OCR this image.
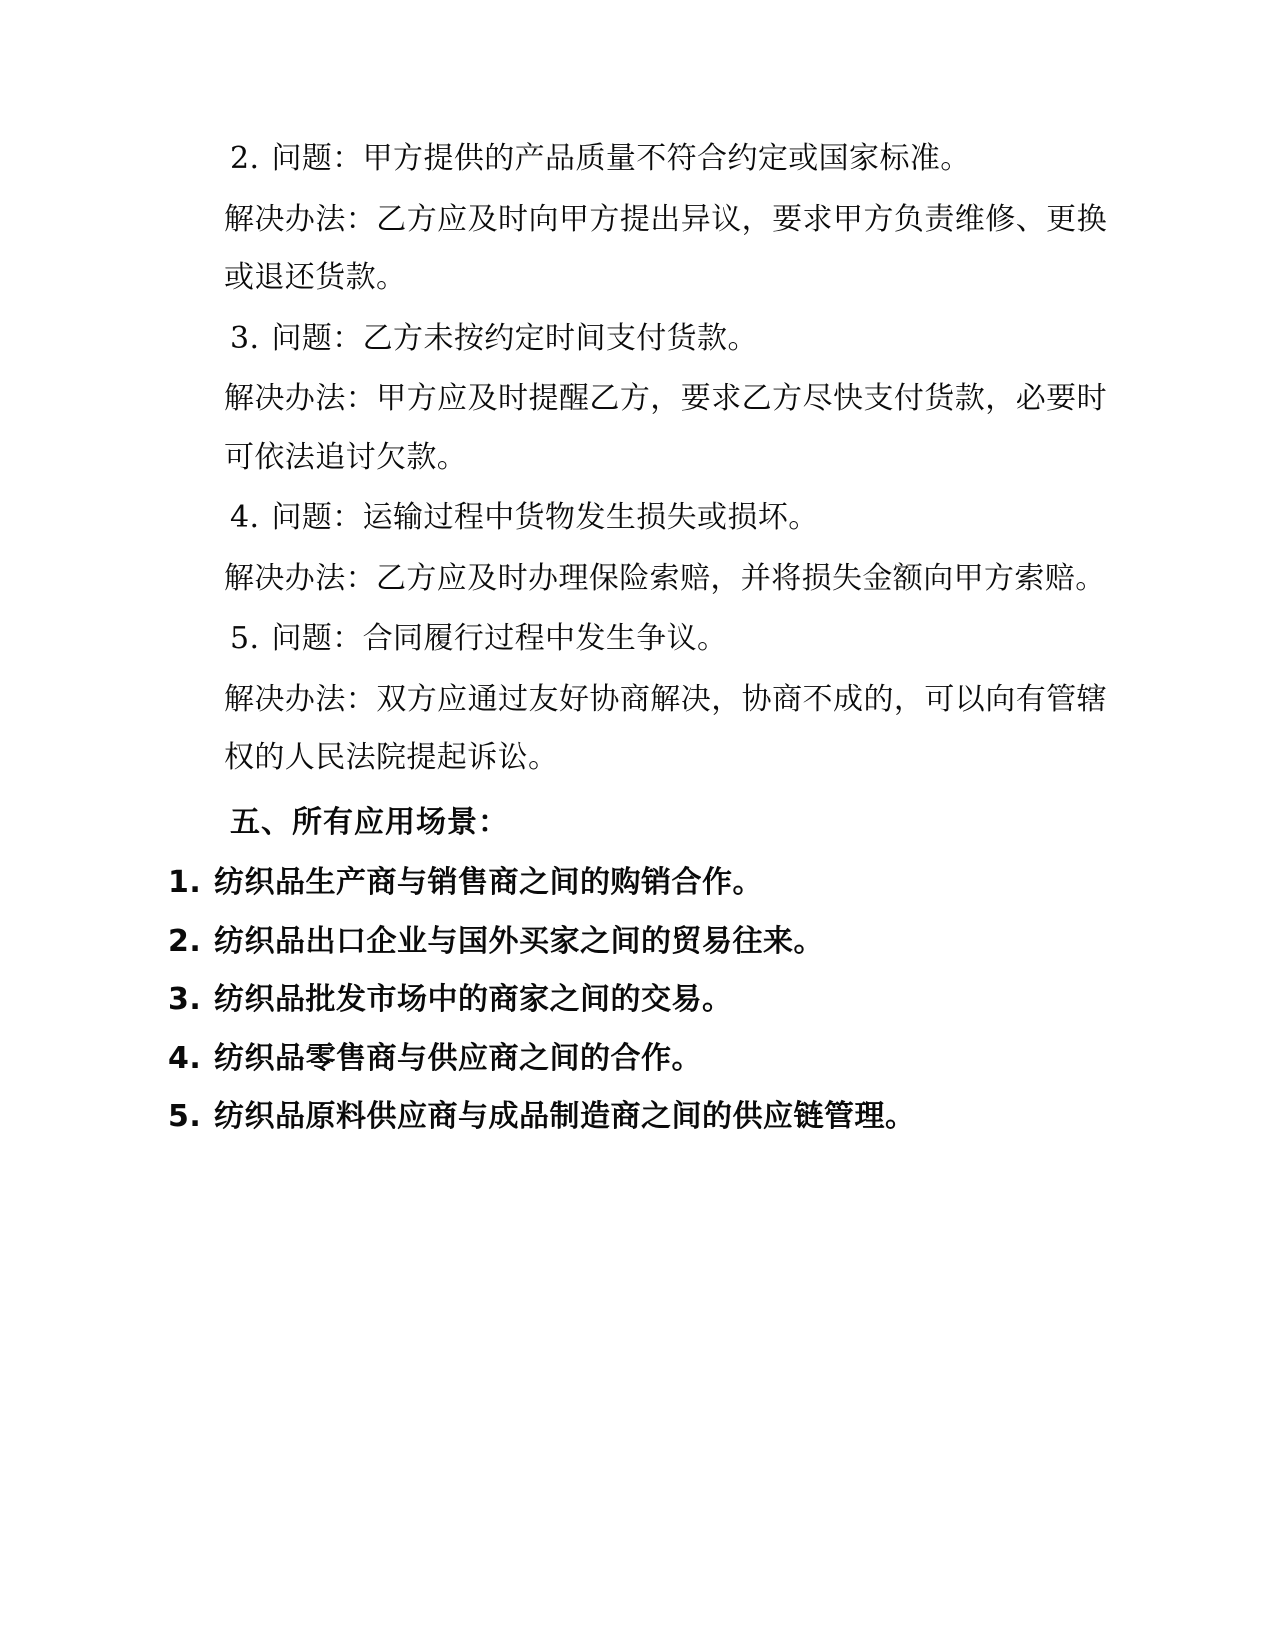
2. 问题：甲方提供的产品质量不符合约定或国家标准。

解决办法：乙方应及时向甲方提出异议，要求甲方负责维修、更换或退还货款。

3. 问题：乙方未按约定时间支付货款。

解决办法：甲方应及时提醒乙方，要求乙方尽快支付货款，必要时可依法追讨欠款。

4. 问题：运输过程中货物发生损失或损坏。

解决办法：乙方应及时办理保险索赔，并将损失金额向甲方索赔。

5. 问题：合同履行过程中发生争议。

解决办法：双方应通过友好协商解决，协商不成的，可以向有管辖权的人民法院提起诉讼。

五、所有应用场景：

1. 纺织品生产商与销售商之间的购销合作。
2. 纺织品出口企业与国外买家之间的贸易往来。
3. 纺织品批发市场中的商家之间的交易。
4. 纺织品零售商与供应商之间的合作。
5. 纺织品原料供应商与成品制造商之间的供应链管理。
